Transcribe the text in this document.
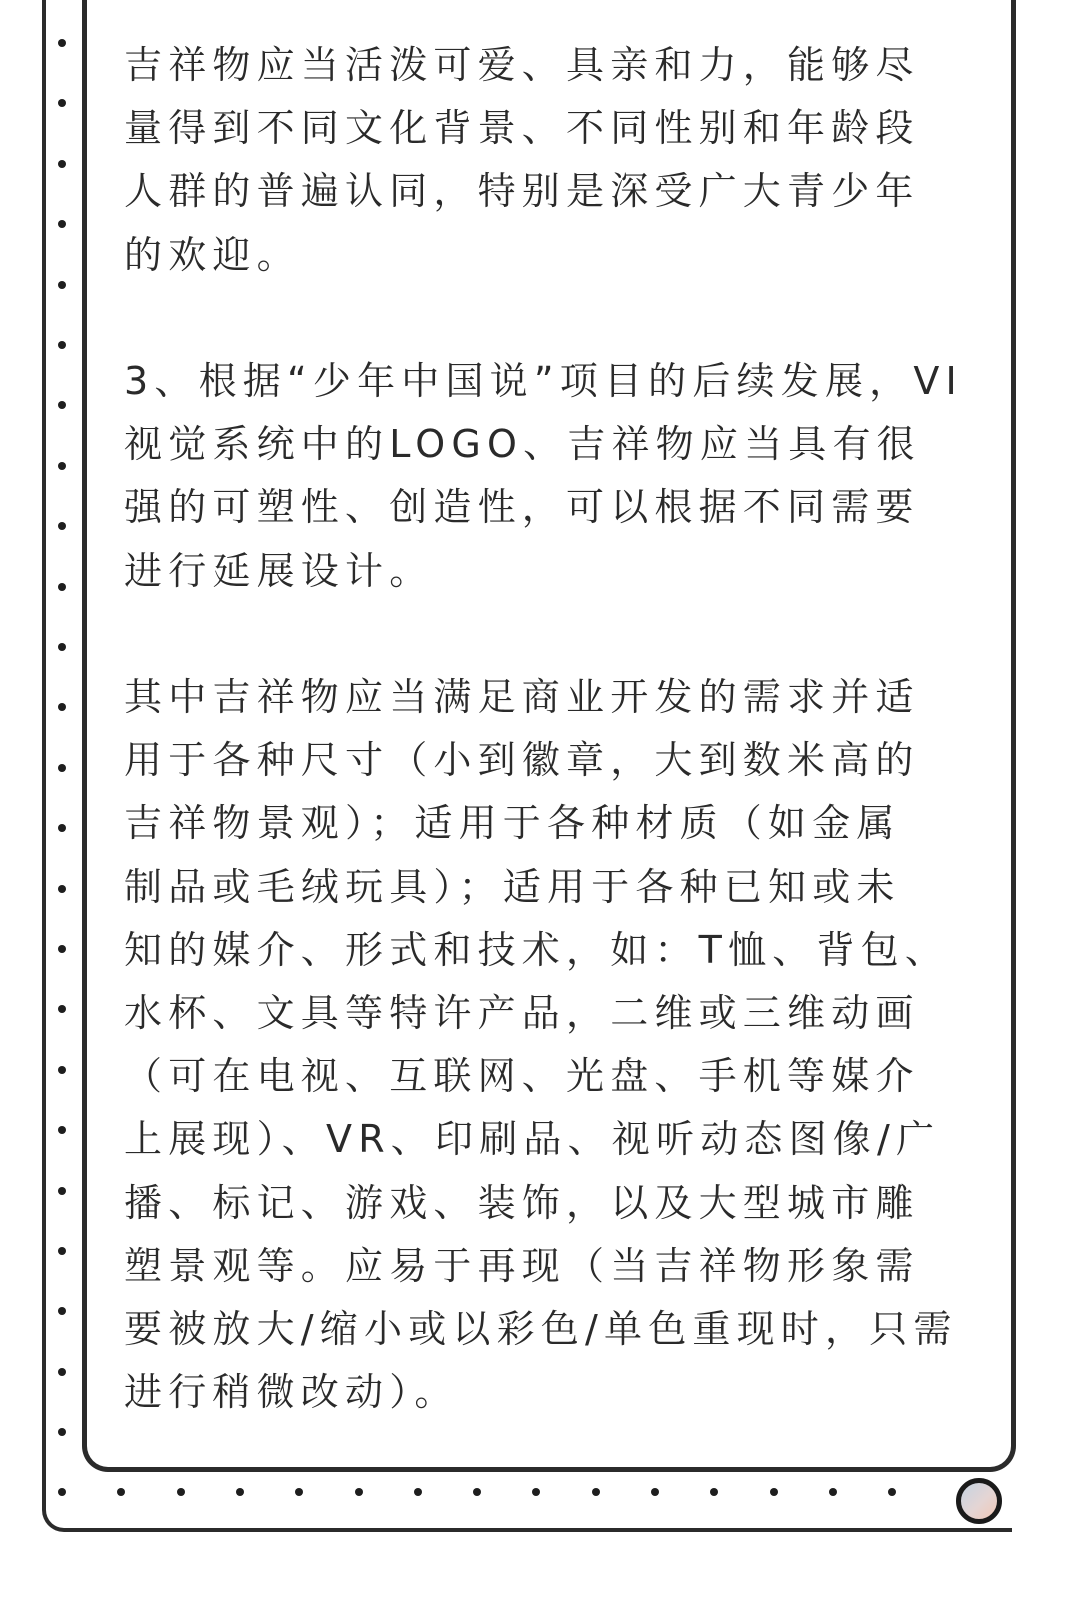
吉祥物应当活泼可爱、具亲和力，能够尽
量得到不同文化背景、不同性别和年龄段
人群的普遍认同，特别是深受广大青少年
的欢迎。

3、根据“少年中国说”项目的后续发展，VI
视觉系统中的LOGO、吉祥物应当具有很
强的可塑性、创造性，可以根据不同需要
进行延展设计。

其中吉祥物应当满足商业开发的需求并适
用于各种尺寸（小到徽章，大到数米高的
吉祥物景观）；适用于各种材质（如金属
制品或毛绒玩具）；适用于各种已知或未
知的媒介、形式和技术，如：T恤、背包、
水杯、文具等特许产品，二维或三维动画
（可在电视、互联网、光盘、手机等媒介
上展现）、VR、印刷品、视听动态图像/广
播、标记、游戏、装饰，以及大型城市雕
塑景观等。应易于再现（当吉祥物形象需
要被放大/缩小或以彩色/单色重现时，只需
进行稍微改动）。
